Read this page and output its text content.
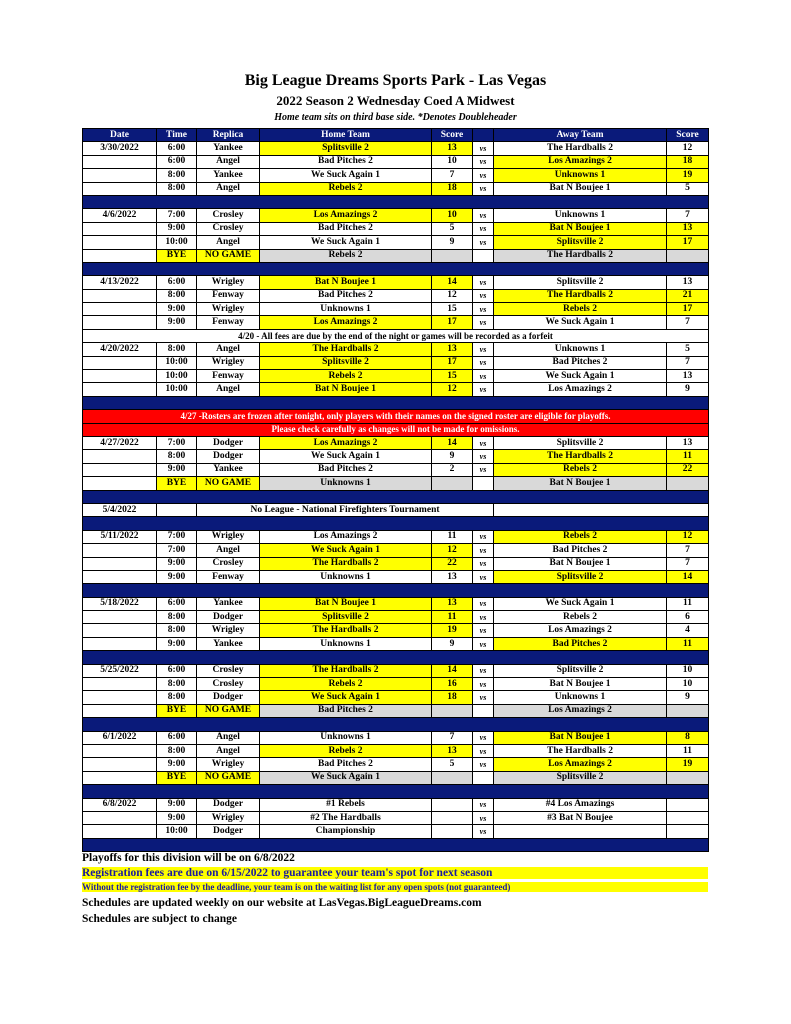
Big League Dreams Sports Park - Las Vegas
2022 Season 2 Wednesday Coed A Midwest
Home team sits on third base side. *Denotes Doubleheader
Date	Time	Replica	Home Team	Score		Away Team	Score
3/30/2022	6:00	Yankee	Splitsville 2	13	vs	The Hardballs 2	12
	6:00	Angel	Bad Pitches 2	10	vs	Los Amazings 2	18
	8:00	Yankee	We Suck Again 1	7	vs	Unknowns 1	19
	8:00	Angel	Rebels 2	18	vs	Bat N Boujee 1	5

4/6/2022	7:00	Crosley	Los Amazings 2	10	vs	Unknowns 1	7
	9:00	Crosley	Bad Pitches 2	5	vs	Bat N Boujee 1	13
	10:00	Angel	We Suck Again 1	9	vs	Splitsville 2	17
	BYE	NO GAME	Rebels 2			The Hardballs 2	

4/13/2022	6:00	Wrigley	Bat N Boujee 1	14	vs	Splitsville 2	13
	8:00	Fenway	Bad Pitches 2	12	vs	The Hardballs 2	21
	9:00	Wrigley	Unknowns 1	15	vs	Rebels 2	17
	9:00	Fenway	Los Amazings 2	17	vs	We Suck Again 1	7
4/20 - All fees are due by the end of the night or games will be recorded as a forfeit							
4/20/2022	8:00	Angel	The Hardballs 2	13	vs	Unknowns 1	5
	10:00	Wrigley	Splitsville 2	17	vs	Bad Pitches 2	7
	10:00	Fenway	Rebels 2	15	vs	We Suck Again 1	13
	10:00	Angel	Bat N Boujee 1	12	vs	Los Amazings 2	9

4/27 -Rosters are frozen after tonight, only players with their names on the signed roster are eligible for playoffs.							
Please check carefully as changes will not be made for omissions.							
4/27/2022	7:00	Dodger	Los Amazings 2	14	vs	Splitsville 2	13
	8:00	Dodger	We Suck Again 1	9	vs	The Hardballs 2	11
	9:00	Yankee	Bad Pitches 2	2	vs	Rebels 2	22
	BYE	NO GAME	Unknowns 1			Bat N Boujee 1	

5/4/2022		No League - National Firefighters Tournament					

5/11/2022	7:00	Wrigley	Los Amazings 2	11	vs	Rebels 2	12
	7:00	Angel	We Suck Again 1	12	vs	Bad Pitches 2	7
	9:00	Crosley	The Hardballs 2	22	vs	Bat N Boujee 1	7
	9:00	Fenway	Unknowns 1	13	vs	Splitsville 2	14

5/18/2022	6:00	Yankee	Bat N Boujee 1	13	vs	We Suck Again 1	11
	8:00	Dodger	Splitsville 2	11	vs	Rebels 2	6
	8:00	Wrigley	The Hardballs 2	19	vs	Los Amazings 2	4
	9:00	Yankee	Unknowns 1	9	vs	Bad Pitches 2	11

5/25/2022	6:00	Crosley	The Hardballs 2	14	vs	Splitsville 2	10
	8:00	Crosley	Rebels 2	16	vs	Bat N Boujee 1	10
	8:00	Dodger	We Suck Again 1	18	vs	Unknowns 1	9
	BYE	NO GAME	Bad Pitches 2			Los Amazings 2	

6/1/2022	6:00	Angel	Unknowns 1	7	vs	Bat N Boujee 1	8
	8:00	Angel	Rebels 2	13	vs	The Hardballs 2	11
	9:00	Wrigley	Bad Pitches 2	5	vs	Los Amazings 2	19
	BYE	NO GAME	We Suck Again 1			Splitsville 2	

6/8/2022	9:00	Dodger	#1 Rebels		vs	#4 Los Amazings	
	9:00	Wrigley	#2 The Hardballs		vs	#3 Bat N Boujee	
	10:00	Dodger	Championship		vs		

Playoffs for this division will be on 6/8/2022
Registration fees are due on 6/15/2022 to guarantee your team's spot for next season
Without the registration fee by the deadline, your team is on the waiting list for any open spots (not guaranteed)
Schedules are updated weekly on our website at LasVegas.BigLeagueDreams.com
Schedules are subject to change
